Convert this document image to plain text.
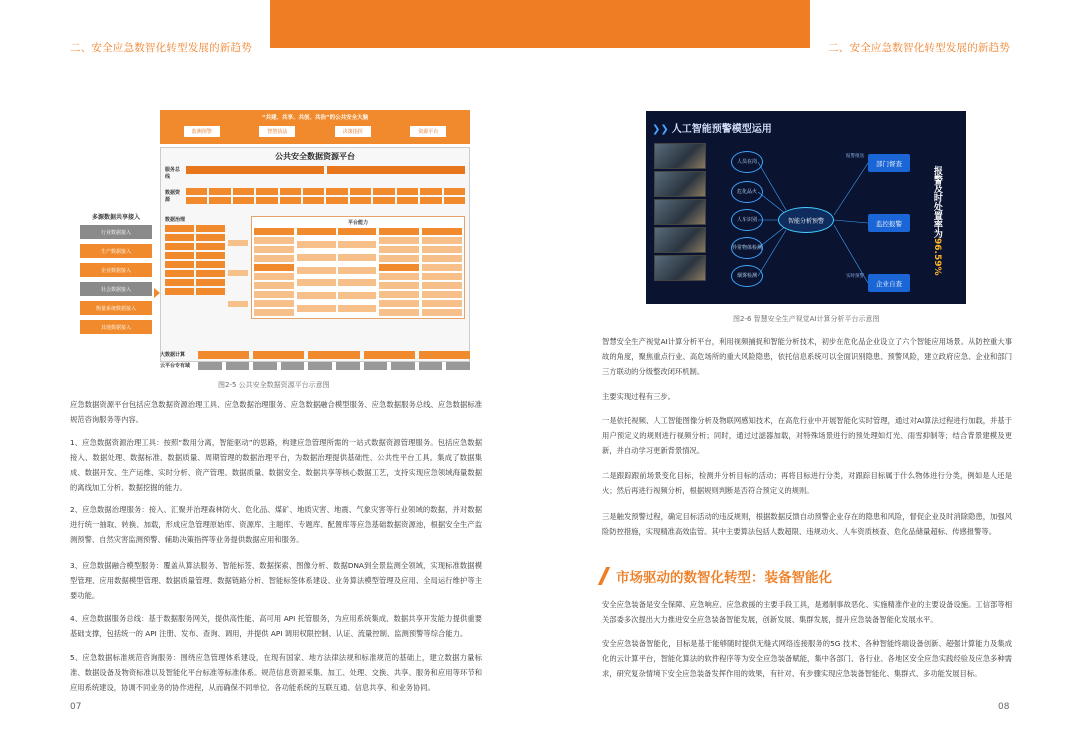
二、安全应急数智化转型发展的新趋势	二、安全应急数智化转型发展的新趋势
多源数据共享接入
行业数据接入
生产数据接入
企业数据接入
社会数据接入
衡量系统数据接入
其他数据接入
“共建、共享、共创、共治”的公共安全大脑
监测预警	智慧执法	决策指挥	资源平台
公共安全数据资源平台
服务总线
数据资源
数据治理	平台能力
大数据计算
云平台专有域
图2-5 公共安全数据资源平台示意图
❯❯ 人工智能预警模型运用
人员在岗
危化品火
人车识别
异常物体检测
烟雾检测
智能分析预警
报警推送
实时预警
部门督查
监控报警
企业自查
报警及时处置率为96.59%
图2-6 智慧安全生产视觉AI计算分析平台示意图

应急数据资源平台包括应急数据资源治理工具、应急数据治理服务、应急数据融合模型服务、应急数据服务总线、应急数据标准规范咨询服务等内容。

1、应急数据资源治理工具：按照“数用分离，智能驱动”的思路，构建应急管理所需的一站式数据资源管理服务。包括应急数据接入、数据处理、数据标准、数据质量、周期管理的数据治理平台，为数据治理提供基础性、公共性平台工具。集成了数据集成、数据开发、生产运维、实时分析、资产管理、数据质量、数据安全、数据共享等核心数据工艺，支持实现应急领域海量数据的离线加工分析、数据挖掘的能力。

2、应急数据治理服务：接入、汇聚并治理森林防火、危化品、煤矿、地质灾害、地震、气象灾害等行业领域的数据，并对数据进行统一抽取、转换、加载，形成应急管理原始库、资源库、主题库、专题库、配置库等应急基础数据资源池，根据安全生产监测预警、自然灾害监测预警、辅助决策指挥等业务提供数据应用和服务。

3、应急数据融合模型服务：覆盖从算法服务、智能标签、数据探索、图像分析、数据DNA到全景监测全领域，实现标准数据模型管理、应用数据模型管理、数据质量管理、数据链路分析、智能标签体系建设、业务算法模型管理及应用、全局运行维护等主要功能。

4、应急数据服务总线：基于数据服务网关，提供高性能、高可用 API 托管服务，为应用系统集成、数据共享开发能力提供重要基础支撑，包括统一的 API 注册、发布、查询、调用，并提供 API 调用权限控制、认证、流量控制、监测预警等综合能力。

5、应急数据标准规范咨询服务：围绕应急管理体系建设，在现有国家、地方法律法规和标准规范的基础上，建立数据力量标准、数据设备及物资标准以及智能化平台标准等标准体系。规范信息资源采集、加工、处理、交换、共享、服务和应用等环节和应用系统建设，协调不同业务的协作进程，从而确保不同单位、各功能系统的互联互通、信息共享、和业务协同。

智慧安全生产视觉AI计算分析平台，利用视频捕捉和智能分析技术，初步在危化品企业设立了六个智能应用场景。从防控重大事故的角度，聚焦重点行业、高危场所的重大风险隐患，依托信息系统可以全面识别隐患、预警风险，建立政府应急、企业和部门三方联动的分级整改闭环机制。

主要实现过程有三步。

一是依托视频、人工智能图像分析及物联网感知技术，在高危行业中开展智能化实时管理，通过对AI算法过程进行加载，并基于用户预定义的规则进行视频分析；同时，通过过滤器加载，对特殊场景进行的预处理如灯光、雨雪抑制等；结合背景建模及更新，并自动学习更新背景情况。

二是跟踪跟前场景变化目标，检测并分析目标的活动；再将目标进行分类，对跟踪目标属于什么物体进行分类，例如是人还是火；然后再进行视频分析，根据规则判断是否符合预定义的规则。

三是触发预警过程，确定目标活动的违反规则，根据数据反馈自动预警企业存在的隐患和风险，督促企业及时消除隐患，加强风险防控措施，实现精准高效监管。其中主要算法包括人数超限、违规动火、人车资质核查、危化品储量超标、传感报警等。

市场驱动的数智化转型：装备智能化

安全应急装备是安全保障、应急响应、应急救援的主要手段工具，是遏制事故恶化、实施精准作业的主要设备设施。工信部等相关部委多次提出大力推进安全应急装备智能发展，创新发展、集群发展，提升应急装备智能化发展水平。

安全应急装备智能化，目标是基于能够随时提供无缝式网络连接服务的5G 技术、各种智能终端设备创新、超强计算能力及集成化的云计算平台，智能化算法的软件程序等为安全应急装备赋能，集中各部门、各行业、各地区安全应急实践经验及应急多种需求，研究复杂情境下安全应急装备发挥作用的效果，有针对、有步骤实现应急装备智能化、集群式、多功能发展目标。

07	08
